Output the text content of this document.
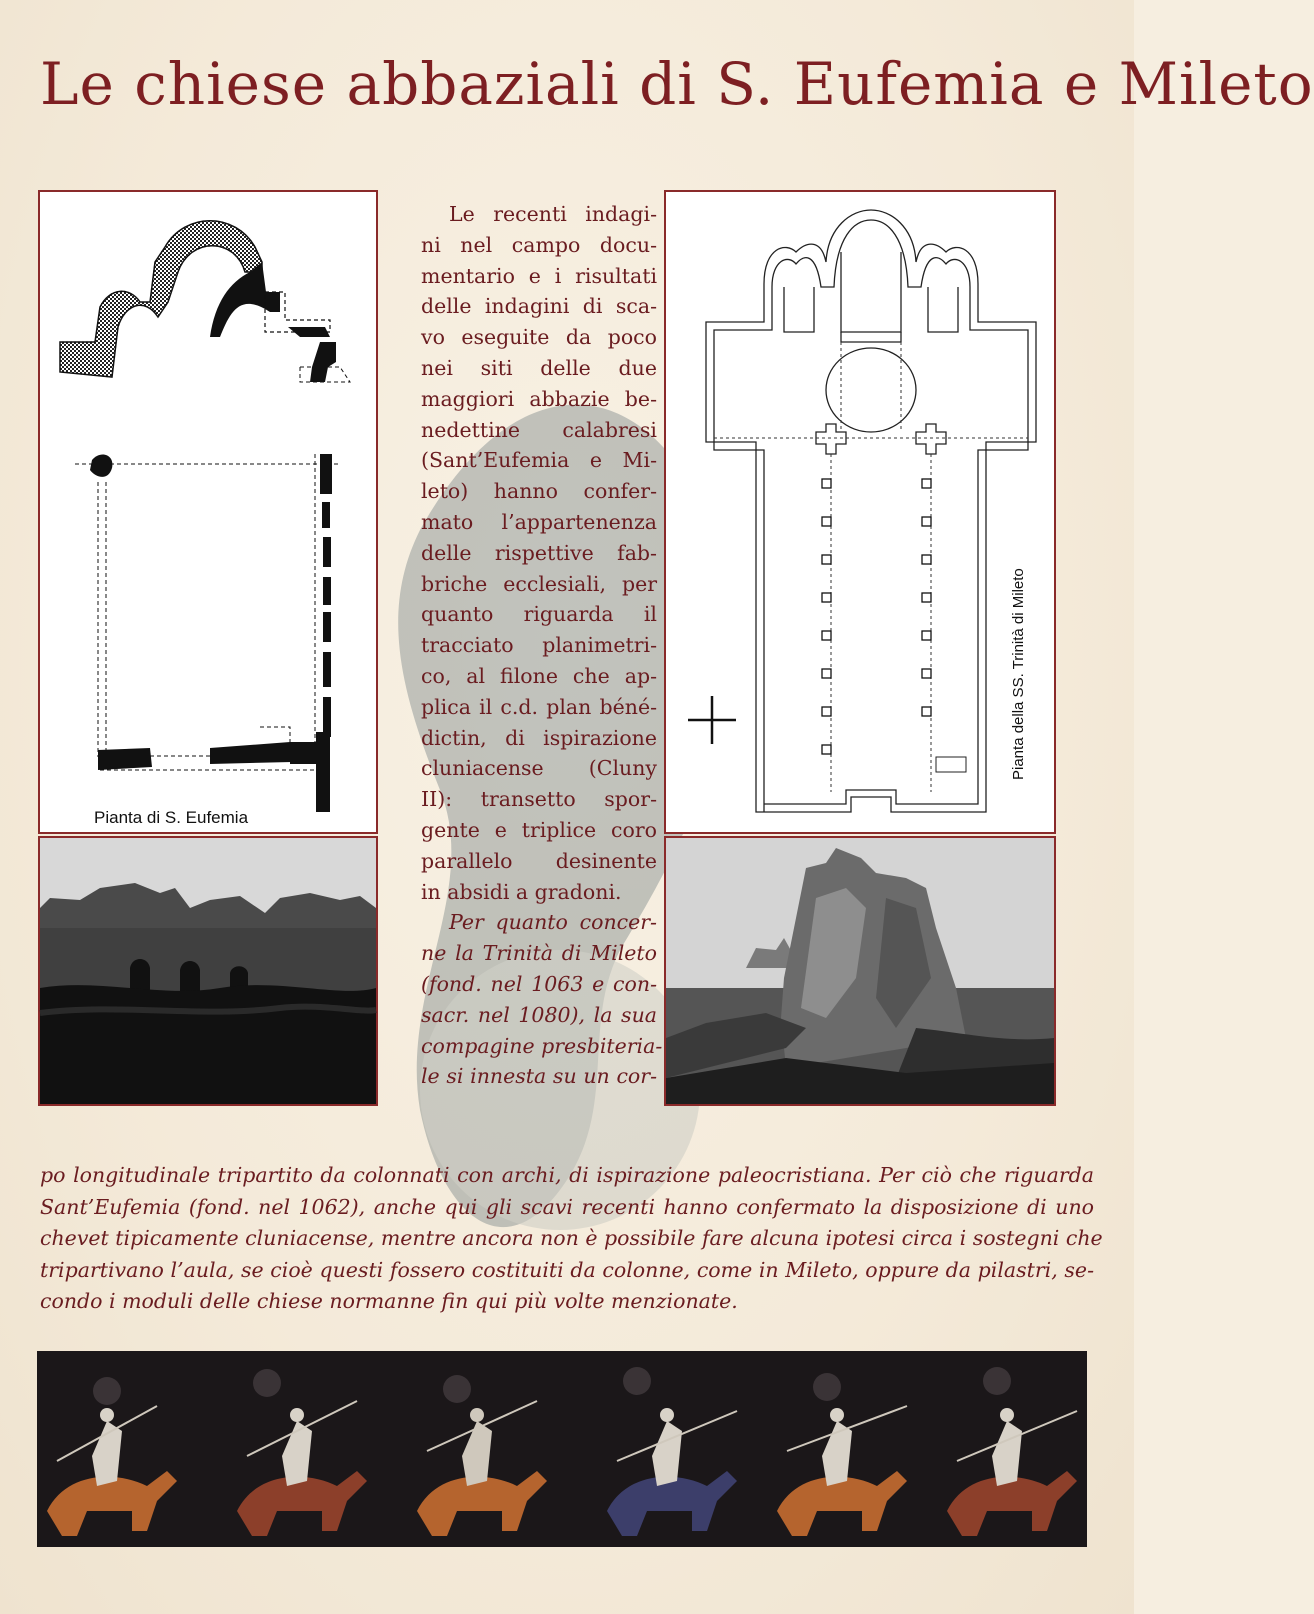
Le chiese abbaziali di S. Eufemia e Mileto
Pianta di S. Eufemia
Pianta della SS. Trinità di Mileto
Le recenti indagi-
ni nel campo docu-
mentario e i risultati
delle indagini di sca-
vo eseguite da poco
nei siti delle due
maggiori abbazie be-
nedettine calabresi
(Sant’Eufemia e Mi-
leto) hanno confer-
mato l’appartenenza
delle rispettive fab-
briche ecclesiali, per
quanto riguarda il
tracciato planimetri-
co, al filone che ap-
plica il c.d. plan béné-
dictin, di ispirazione
cluniacense (Cluny
II): transetto spor-
gente e triplice coro
parallelo desinente
in absidi a gradoni.
Per quanto concer-
ne la Trinità di Mileto
(fond. nel 1063 e con-
sacr. nel 1080), la sua
compagine presbiteria-
le si innesta su un cor-
po longitudinale tripartito da colonnati con archi, di ispirazione paleocristiana. Per ciò che riguarda
Sant’Eufemia (fond. nel 1062), anche qui gli scavi recenti hanno confermato la disposizione di uno
chevet tipicamente cluniacense, mentre ancora non è possibile fare alcuna ipotesi circa i sostegni che
tripartivano l’aula, se cioè questi fossero costituiti da colonne, come in Mileto, oppure da pilastri, se-
condo i moduli delle chiese normanne fin qui più volte menzionate.
